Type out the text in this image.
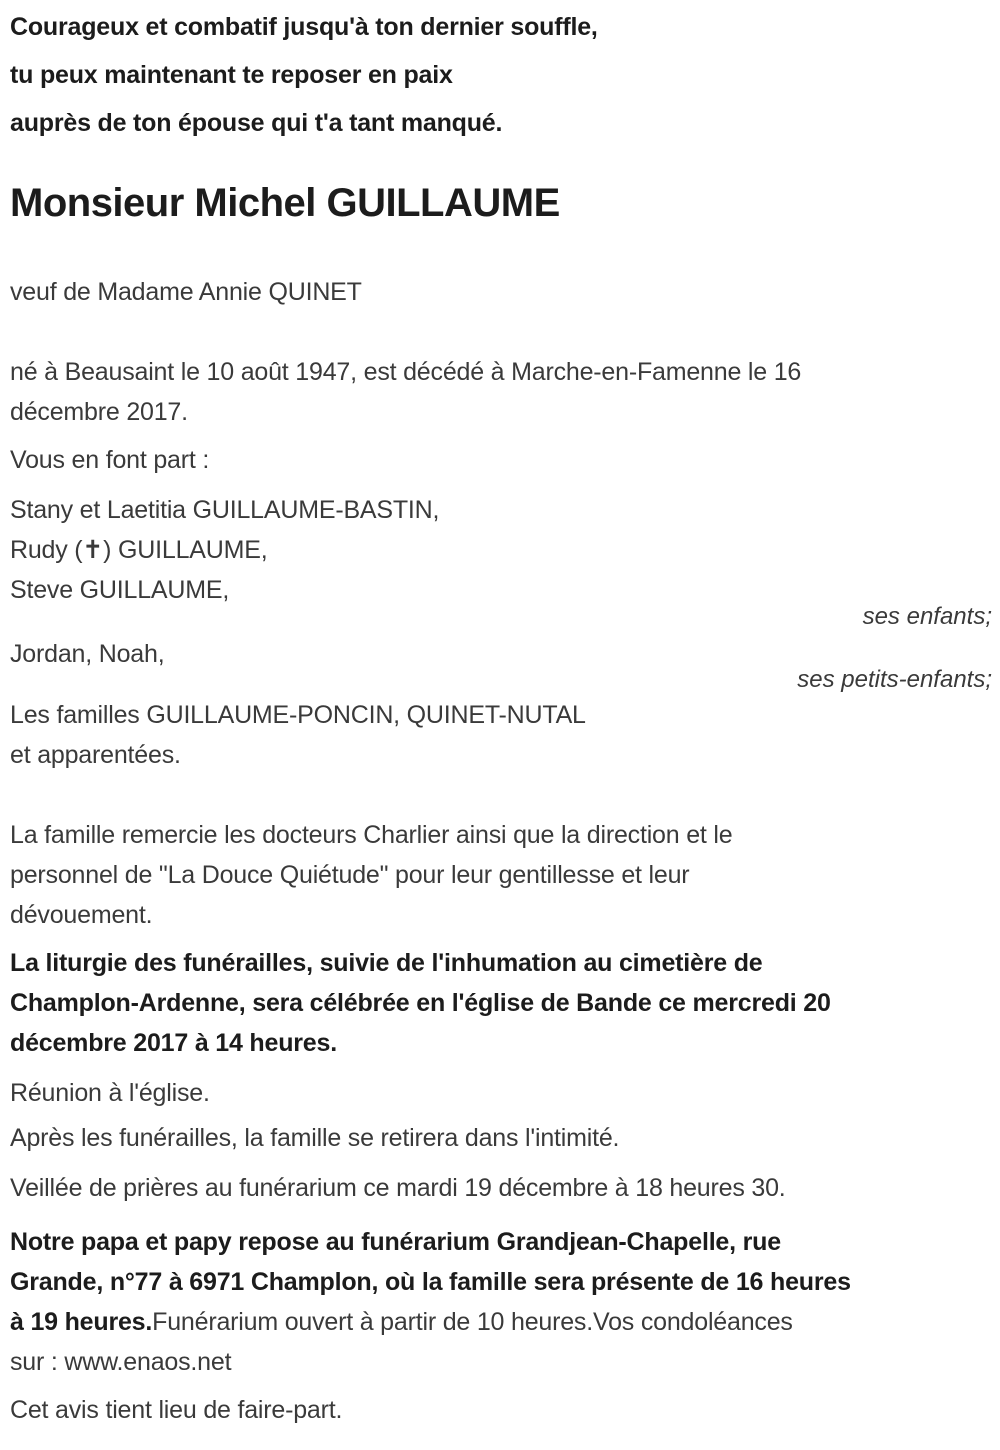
Courageux et combatif jusqu'à ton dernier souffle,

tu peux maintenant te reposer en paix

auprès de ton épouse qui t'a tant manqué.

Monsieur Michel GUILLAUME

veuf de Madame Annie QUINET

né à Beausaint le 10 août 1947, est décédé à Marche-en-Famenne le 16
décembre 2017.

Vous en font part :

Stany et Laetitia GUILLAUME-BASTIN,
Rudy (✝) GUILLAUME,
Steve GUILLAUME,

ses enfants;

Jordan, Noah,

ses petits-enfants;

Les familles GUILLAUME-PONCIN, QUINET-NUTAL
et apparentées.
La famille remercie les docteurs Charlier ainsi que la direction et le
personnel de "La Douce Quiétude" pour leur gentillesse et leur
dévouement.
La liturgie des funérailles, suivie de l'inhumation au cimetière de
Champlon-Ardenne, sera célébrée en l'église de Bande ce mercredi 20
décembre 2017 à 14 heures.

Réunion à l'église.

Après les funérailles, la famille se retirera dans l'intimité.

Veillée de prières au funérarium ce mardi 19 décembre à 18 heures 30.

Notre papa et papy repose au funérarium Grandjean-Chapelle, rue
Grande, n°77 à 6971 Champlon, où la famille sera présente de 16 heures
à 19 heures.Funérarium ouvert à partir de 10 heures.Vos condoléances
sur : www.enaos.net

Cet avis tient lieu de faire-part.
